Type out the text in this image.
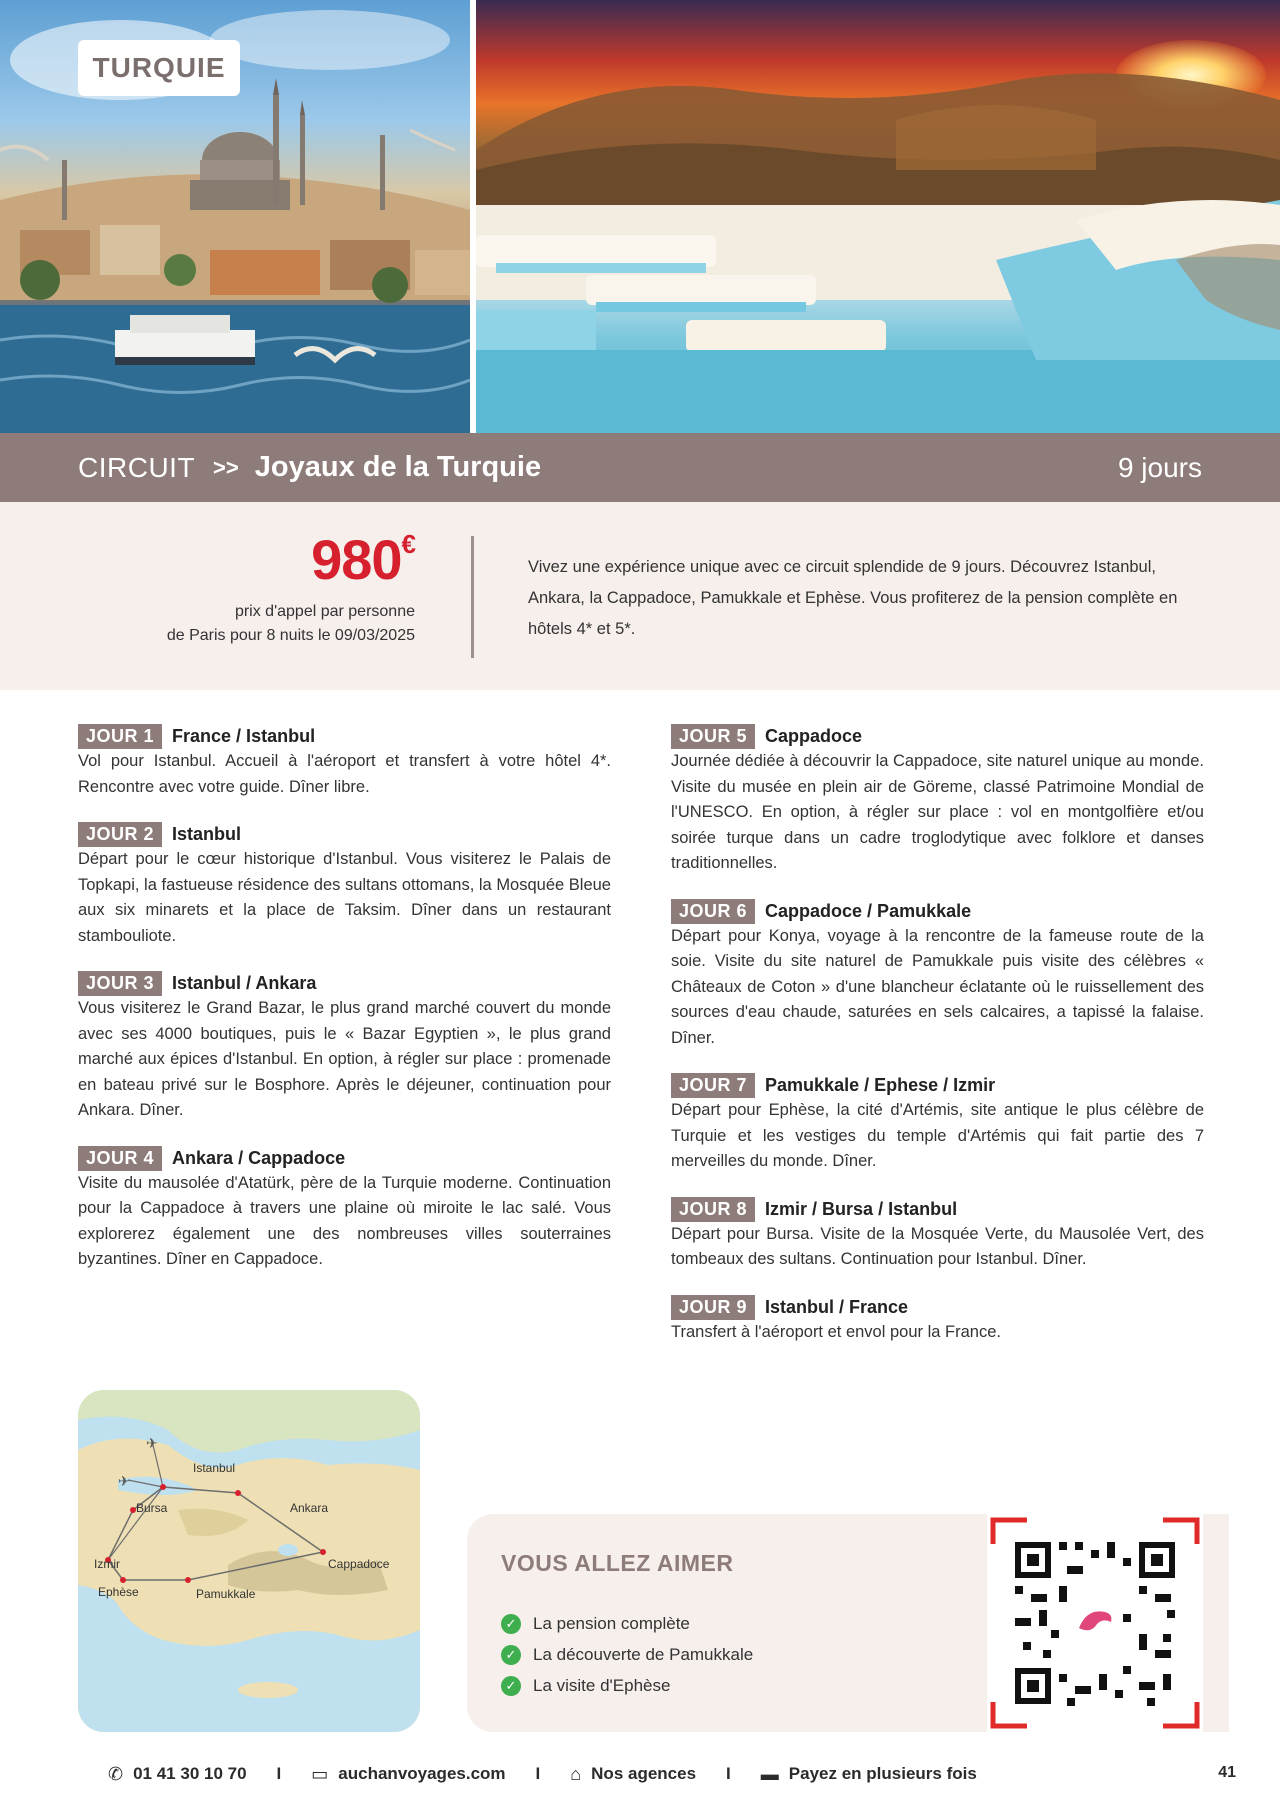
TURQUIE
CIRCUIT >> Joyaux de la Turquie	9 jours
980€
prix d'appel par personne
de Paris pour 8 nuits le 09/03/2025

Vivez une expérience unique avec ce circuit splendide de 9 jours. Découvrez Istanbul, Ankara, la Cappadoce, Pamukkale et Ephèse. Vous profiterez de la pension complète en hôtels 4* et 5*.

JOUR 1	France / Istanbul

Vol pour Istanbul. Accueil à l'aéroport et transfert à votre hôtel 4*. Rencontre avec votre guide. Dîner libre.

JOUR 2	Istanbul

Départ pour le cœur historique d'Istanbul. Vous visiterez le Palais de Topkapi, la fastueuse résidence des sultans ottomans, la Mosquée Bleue aux six minarets et la place de Taksim. Dîner dans un restaurant stambouliote.

JOUR 3	Istanbul / Ankara

Vous visiterez le Grand Bazar, le plus grand marché couvert du monde avec ses 4000 boutiques, puis le « Bazar Egyptien », le plus grand marché aux épices d'Istanbul. En option, à régler sur place : promenade en bateau privé sur le Bosphore. Après le déjeuner, continuation pour Ankara. Dîner.

JOUR 4	Ankara / Cappadoce

Visite du mausolée d'Atatürk, père de la Turquie moderne. Continuation pour la Cappadoce à travers une plaine où miroite le lac salé. Vous explorerez également une des nombreuses villes souterraines byzantines. Dîner en Cappadoce.

JOUR 5	Cappadoce

Journée dédiée à découvrir la Cappadoce, site naturel unique au monde. Visite du musée en plein air de Göreme, classé Patrimoine Mondial de l'UNESCO. En option, à régler sur place : vol en montgolfière et/ou soirée turque dans un cadre troglodytique avec folklore et danses traditionnelles.

JOUR 6	Cappadoce / Pamukkale

Départ pour Konya, voyage à la rencontre de la fameuse route de la soie. Visite du site naturel de Pamukkale puis visite des célèbres « Châteaux de Coton » d'une blancheur éclatante où le ruissellement des sources d'eau chaude, saturées en sels calcaires, a tapissé la falaise. Dîner.

JOUR 7	Pamukkale / Ephese / Izmir

Départ pour Ephèse, la cité d'Artémis, site antique le plus célèbre de Turquie et les vestiges du temple d'Artémis qui fait partie des 7 merveilles du monde. Dîner.

JOUR 8	Izmir / Bursa / Istanbul

Départ pour Bursa. Visite de la Mosquée Verte, du Mausolée Vert, des tombeaux des sultans. Continuation pour Istanbul. Dîner.

JOUR 9	Istanbul / France

Transfert à l'aéroport et envol pour la France.

✈
✈
Istanbul
Bursa	Ankara
Izmir
Ephèse	Pamukkale
Cappadoce	VOUS ALLEZ AIMER
✓ La pension complète
✓ La découverte de Pamukkale
✓ La visite d'Ephèse
✆ 01 41 30 10 70 I ▭ auchanvoyages.com I ⌂ Nos agences I ▬ Payez en plusieurs fois	41
